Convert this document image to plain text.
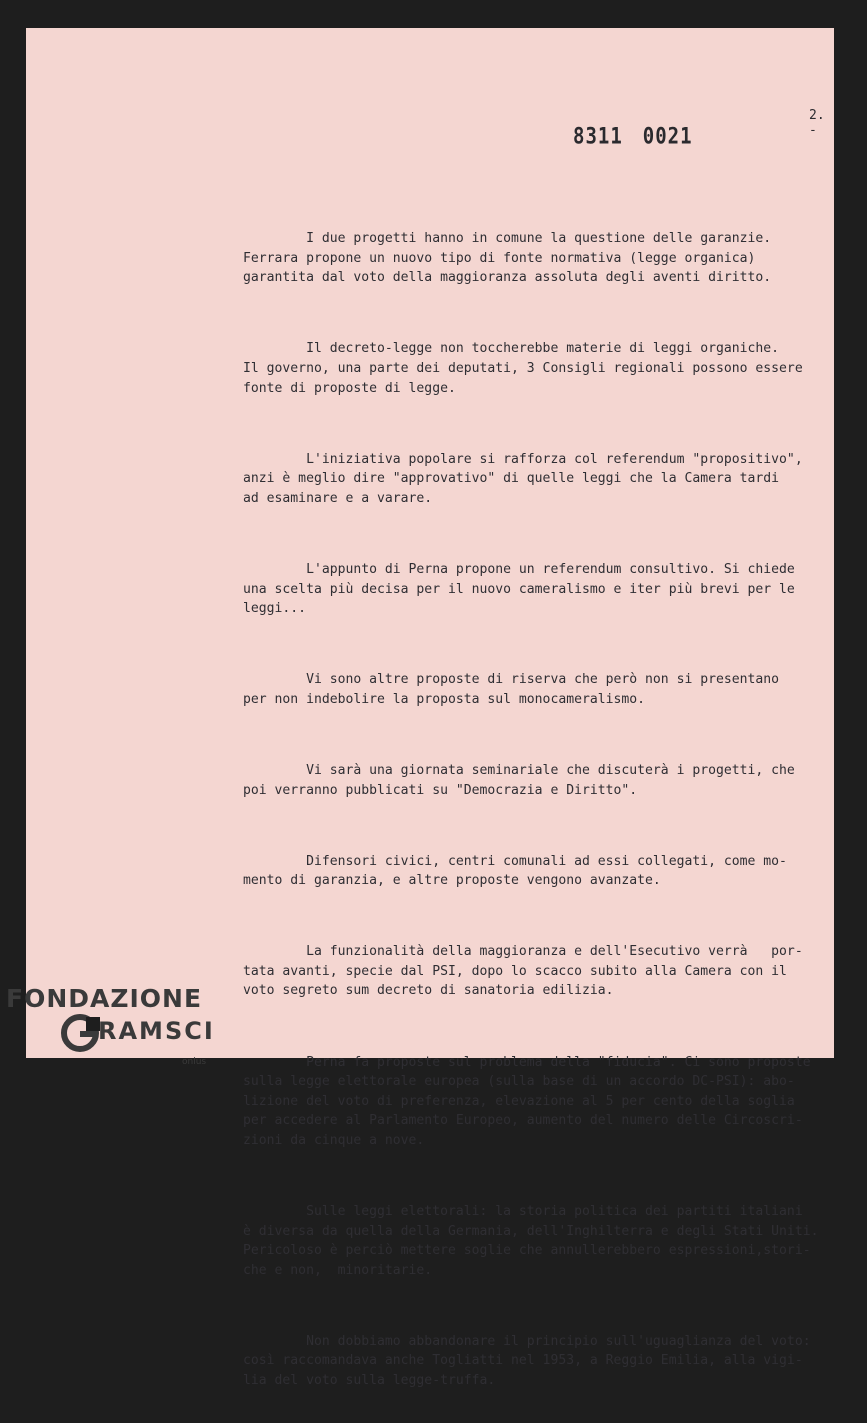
2. -
8311 0021

I due progetti hanno in comune la questione delle garanzie.
Ferrara propone un nuovo tipo di fonte normativa (legge organica)
garantita dal voto della maggioranza assoluta degli aventi diritto.

Il decreto-legge non toccherebbe materie di leggi organiche.
Il governo, una parte dei deputati, 3 Consigli regionali possono essere
fonte di proposte di legge.

L'iniziativa popolare si rafforza col referendum "propositivo",
anzi è meglio dire "approvativo" di quelle leggi che la Camera tardi
ad esaminare e a varare.

L'appunto di Perna propone un referendum consultivo. Si chiede
una scelta più decisa per il nuovo cameralismo e iter più brevi per le
leggi...

Vi sono altre proposte di riserva che però non si presentano
per non indebolire la proposta sul monocameralismo.

Vi sarà una giornata seminariale che discuterà i progetti, che
poi verranno pubblicati su "Democrazia e Diritto".

Difensori civici, centri comunali ad essi collegati, come mo-
mento di garanzia, e altre proposte vengono avanzate.

La funzionalità della maggioranza e dell'Esecutivo verrà   por-
tata avanti, specie dal PSI, dopo lo scacco subito alla Camera con il
voto segreto sum decreto di sanatoria edilizia.

Perna fa proposte sul problema della "fiducia". Ci sono proposte
sulla legge elettorale europea (sulla base di un accordo DC-PSI): abo-
lizione del voto di preferenza, elevazione al 5 per cento della soglia
per accedere al Parlamento Europeo, aumento del numero delle Circoscri-
zioni da cinque a nove.

Sulle leggi elettorali: la storia politica dei partiti italiani
è diversa da quella della Germania, dell'Inghilterra e degli Stati Uniti.
Pericoloso è perciò mettere soglie che annullerebbero espressioni,stori-
che e non,  minoritarie.

Non dobbiamo abbandonare il principio sull'uguaglianza del voto:
così raccomandava anche Togliatti nel 1953, a Reggio Emilia, alla vigi-
lia del voto sulla legge-truffa.

FONDAZIONE
RAMSCI
onlus
